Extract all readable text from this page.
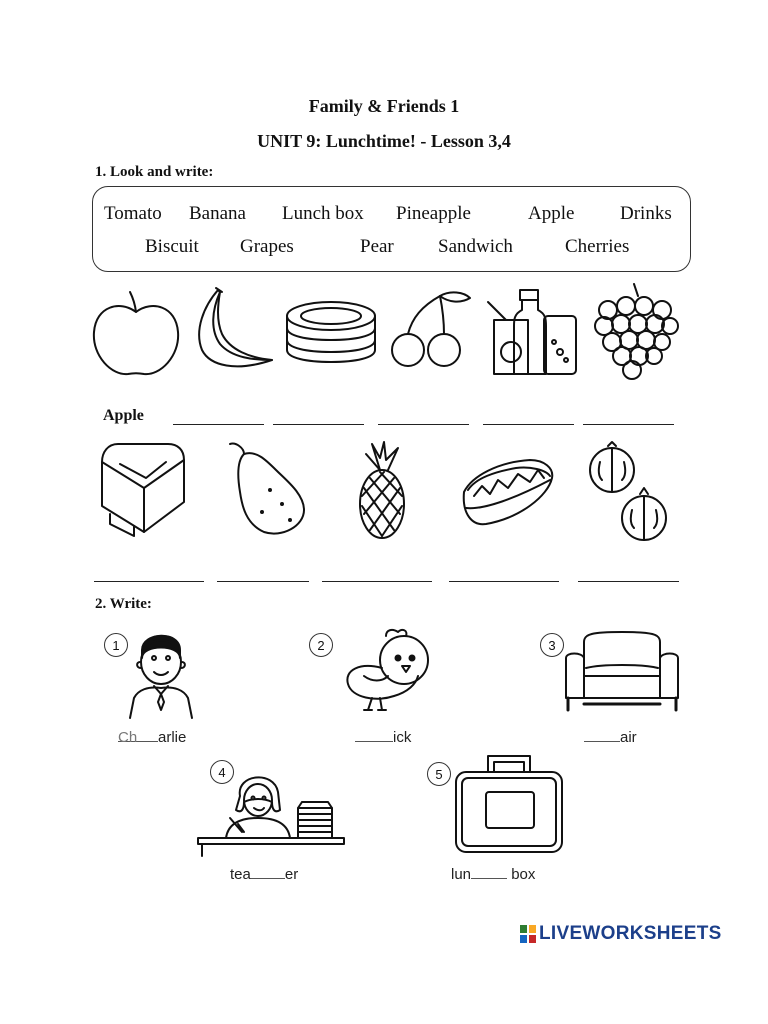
Family & Friends 1
UNIT 9: Lunchtime! - Lesson 3,4
1. Look and write:
Tomato Banana Lunch box Pineapple	Apple Drinks
Biscuit Grapes	Pear Sandwich	Cherries
Apple
2. Write:
1
Ch arlie
2
ick
3
air
4
tea er
5
lun	box
LIVEWORKSHEETS
